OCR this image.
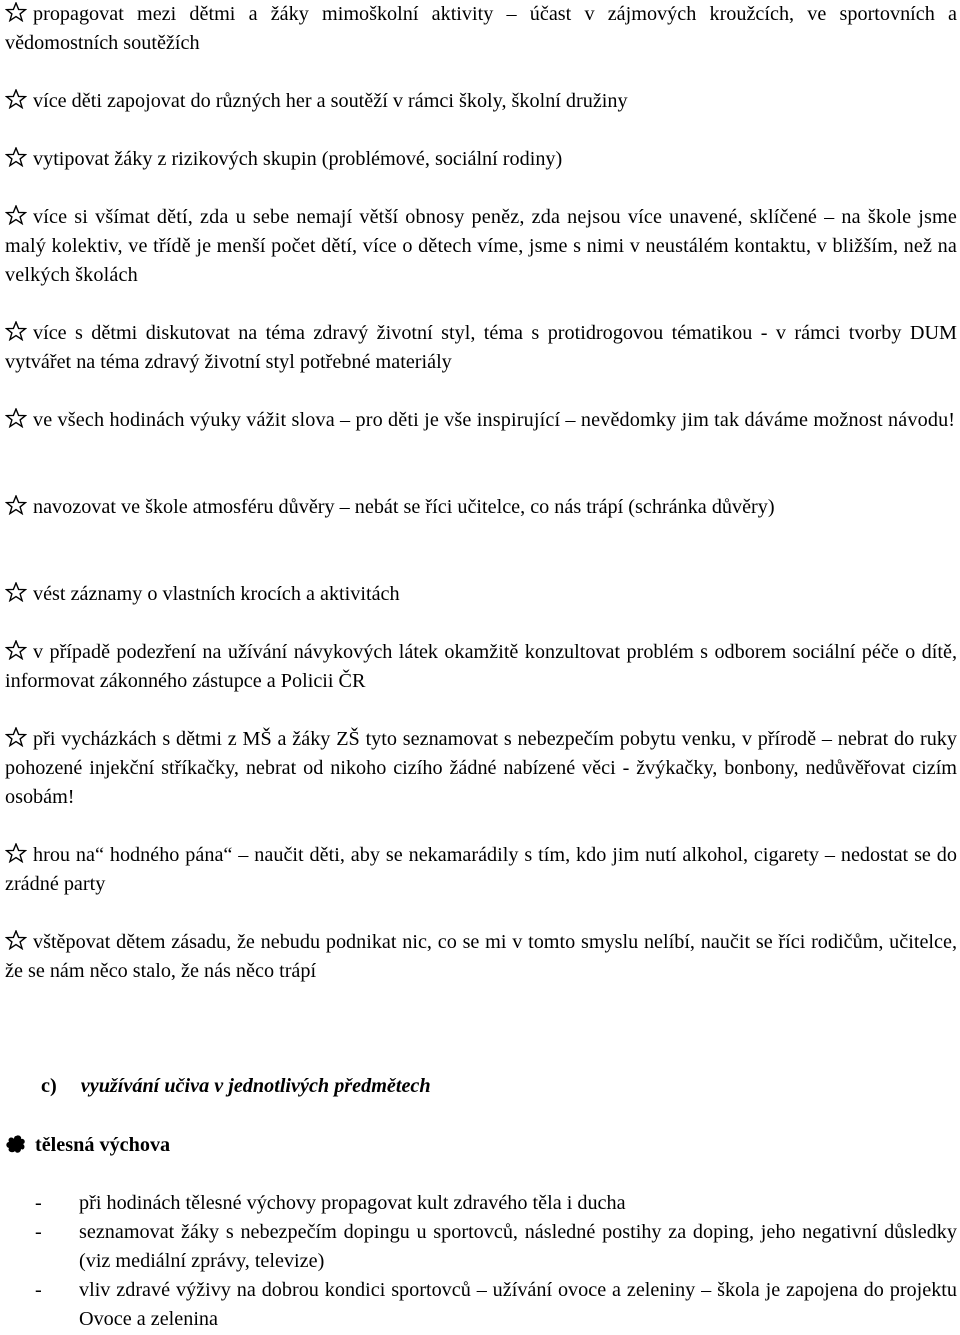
propagovat mezi dětmi a žáky mimoškolní aktivity – účast v zájmových kroužcích, ve sportovních a vědomostních soutěžích

více děti zapojovat do různých her a soutěží v rámci školy, školní družiny

vytipovat žáky z rizikových skupin (problémové, sociální rodiny)

více si všímat dětí, zda u sebe nemají větší obnosy peněz, zda nejsou více unavené, sklíčené – na škole jsme malý kolektiv, ve třídě je menší počet dětí, více o dětech víme, jsme s nimi v neustálém kontaktu, v bližším, než na velkých školách

více s dětmi diskutovat na téma zdravý životní styl, téma s protidrogovou tématikou - v rámci tvorby DUM vytvářet na téma zdravý životní styl potřebné materiály

ve všech hodinách výuky vážit slova – pro děti je vše inspirující – nevědomky jim tak dáváme možnost návodu!

navozovat ve škole atmosféru důvěry – nebát se říci učitelce, co nás trápí (schránka důvěry)

vést záznamy o vlastních krocích a aktivitách

v případě podezření na užívání návykových látek okamžitě konzultovat problém s odborem sociální péče o dítě, informovat zákonného zástupce a Policii ČR

při vycházkách s dětmi z MŠ a žáky ZŠ tyto seznamovat s nebezpečím pobytu venku, v přírodě – nebrat do ruky pohozené injekční stříkačky, nebrat od nikoho cizího žádné nabízené věci - žvýkačky, bonbony, nedůvěřovat cizím osobám!

hrou na“ hodného pána“ – naučit děti, aby se nekamarádily s tím, kdo jim nutí alkohol, cigarety – nedostat se do zrádné party

vštěpovat dětem zásadu, že nebudu podnikat nic, co se mi v tomto smyslu nelíbí, naučit se říci rodičům, učitelce, že se nám něco stalo, že nás něco trápí

c) využívání učiva v jednotlivých předmětech
tělesná výchova
- při hodinách tělesné výchovy propagovat kult zdravého těla i ducha
- seznamovat žáky s nebezpečím dopingu u sportovců, následné postihy za doping, jeho negativní důsledky (viz mediální zprávy, televize)
- vliv zdravé výživy na dobrou kondici sportovců – užívání ovoce a zeleniny – škola je zapojena do projektu Ovoce a zelenina
